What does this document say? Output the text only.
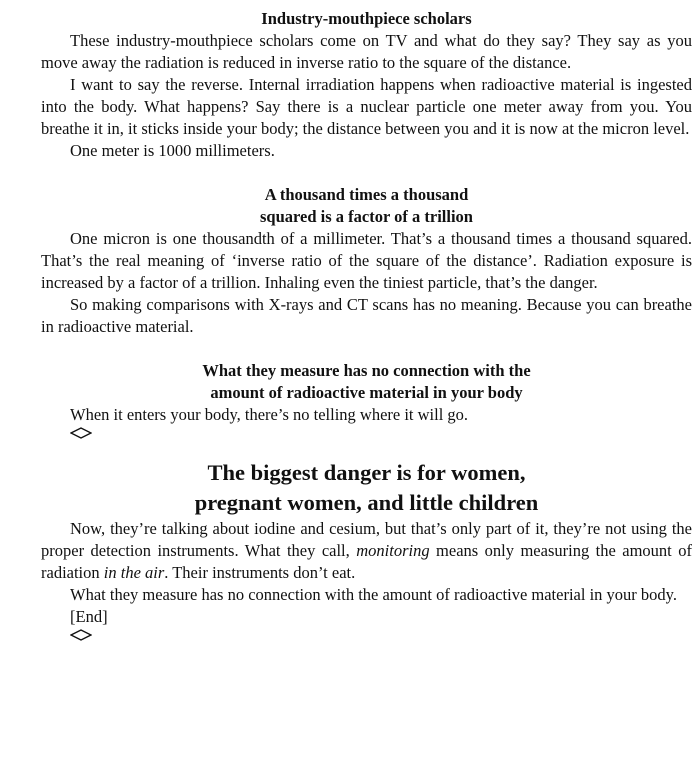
Industry-mouthpiece scholars

These industry-mouthpiece scholars come on TV and what do they say? They say as you move away the radiation is reduced in inverse ratio to the square of the distance.

I want to say the reverse. Internal irradiation happens when radioactive material is ingested into the body. What happens? Say there is a nuclear particle one meter away from you. You breathe it in, it sticks inside your body; the distance between you and it is now at the micron level.

One meter is 1000 millimeters.

A thousand times a thousand
squared is a factor of a trillion

One micron is one thousandth of a millimeter. That’s a thousand times a thousand squared. That’s the real meaning of ‘inverse ratio of the square of the distance’. Radiation exposure is increased by a factor of a trillion. Inhaling even the tiniest particle, that’s the danger.

So making comparisons with X-rays and CT scans has no meaning. Because you can breathe in radioactive material.

What they measure has no connection with the
amount of radioactive material in your body

When it enters your body, there’s no telling where it will go.

The biggest danger is for women,
pregnant women, and little children

Now, they’re talking about iodine and cesium, but that’s only part of it, they’re not using the proper detection instruments. What they call, monitoring means only measuring the amount of radiation in the air. Their instruments don’t eat.

What they measure has no connection with the amount of radioactive material in your body.

[End]
